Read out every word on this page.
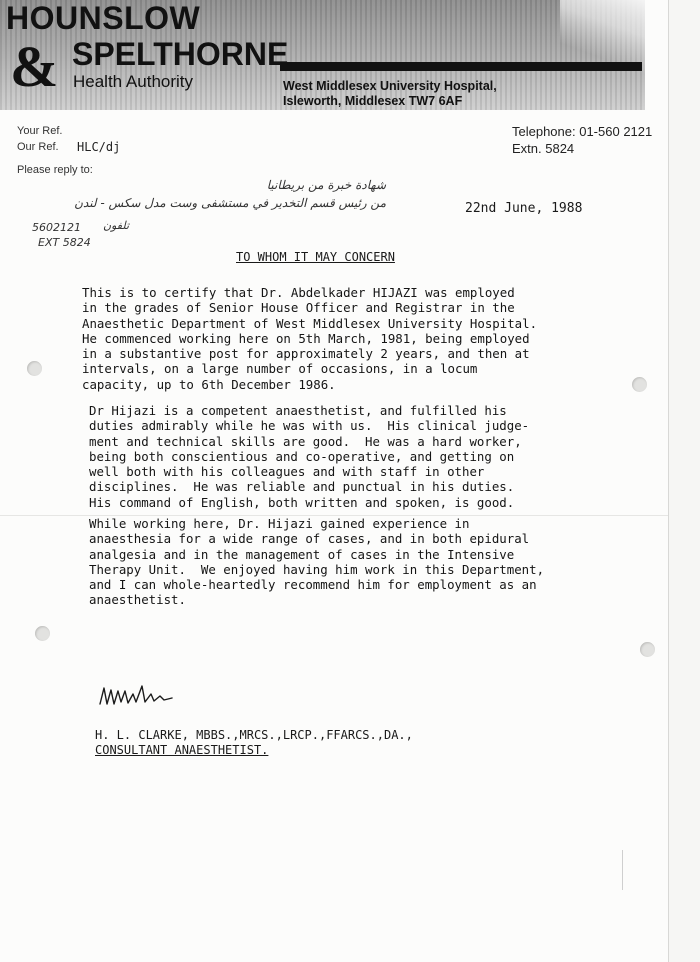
HOUNSLOW
& SPELTHORNE
Health Authority	West Middlesex University Hospital,
Isleworth, Middlesex TW7 6AF
Your Ref.
Our Ref. HLC/dj
Please reply to:
Telephone: 01-560 2121
Extn. 5824
شهادة خبرة من بريطانيا
من رئيس قسم التخدير في مستشفى وست مدل سكس - لندن
5602121 تلفون
EXT 5824
22nd June, 1988
TO WHOM IT MAY CONCERN

This is to certify that Dr. Abdelkader HIJAZI was employed
in the grades of Senior House Officer and Registrar in the
Anaesthetic Department of West Middlesex University Hospital.
He commenced working here on 5th March, 1981, being employed
in a substantive post for approximately 2 years, and then at
intervals, on a large number of occasions, in a locum
capacity, up to 6th December 1986.

Dr Hijazi is a competent anaesthetist, and fulfilled his
duties admirably while he was with us.  His clinical judge-
ment and technical skills are good.  He was a hard worker,
being both conscientious and co-operative, and getting on
well both with his colleagues and with staff in other
disciplines.  He was reliable and punctual in his duties.
His command of English, both written and spoken, is good.

While working here, Dr. Hijazi gained experience in
anaesthesia for a wide range of cases, and in both epidural
analgesia and in the management of cases in the Intensive
Therapy Unit.  We enjoyed having him work in this Department,
and I can whole-heartedly recommend him for employment as an
anaesthetist.

H. L. CLARKE, MBBS.,MRCS.,LRCP.,FFARCS.,DA.,
CONSULTANT ANAESTHETIST.
